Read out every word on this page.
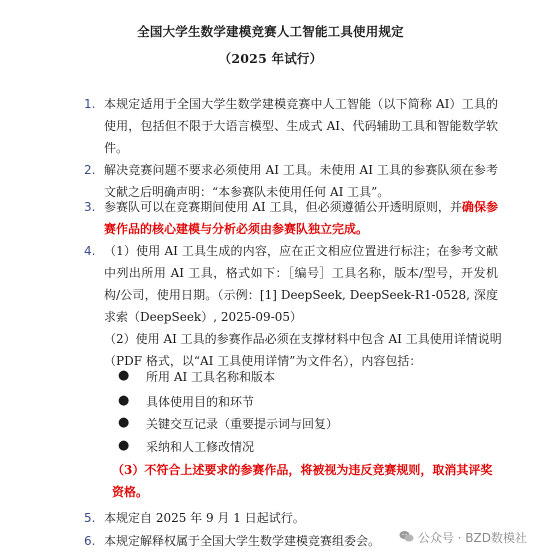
全国大学生数学建模竞赛人工智能工具使用规定
（2025 年试行）
1. 本规定适用于全国大学生数学建模竞赛中人工智能（以下简称 AI）工具的使用，包括但不限于大语言模型、生成式 AI、代码辅助工具和智能数学软件。
2. 解决竞赛问题不要求必须使用 AI 工具。未使用 AI 工具的参赛队须在参考文献之后明确声明：“本参赛队未使用任何 AI 工具”。
3. 参赛队可以在竞赛期间使用 AI 工具，但必须遵循公开透明原则，并确保参赛作品的核心建模与分析必须由参赛队独立完成。
4. （1）使用 AI 工具生成的内容，应在正文相应位置进行标注；在参考文献中列出所用 AI 工具，格式如下：［编号］工具名称，版本/型号，开发机构/公司，使用日期。（示例：[1] DeepSeek, DeepSeek-R1-0528, 深度求索（DeepSeek）, 2025-09-05）
（2）使用 AI 工具的参赛作品必须在支撑材料中包含 AI 工具使用详情说明（PDF 格式，以“AI 工具使用详情”为文件名），内容包括：
● 所用 AI 工具名称和版本
● 具体使用目的和环节
● 关键交互记录（重要提示词与回复）
● 采纳和人工修改情况
（3）不符合上述要求的参赛作品，将被视为违反竞赛规则，取消其评奖资格。
5. 本规定自 2025 年 9 月 1 日起试行。
6. 本规定解释权属于全国大学生数学建模竞赛组委会。	公众号 · BZD数模社
